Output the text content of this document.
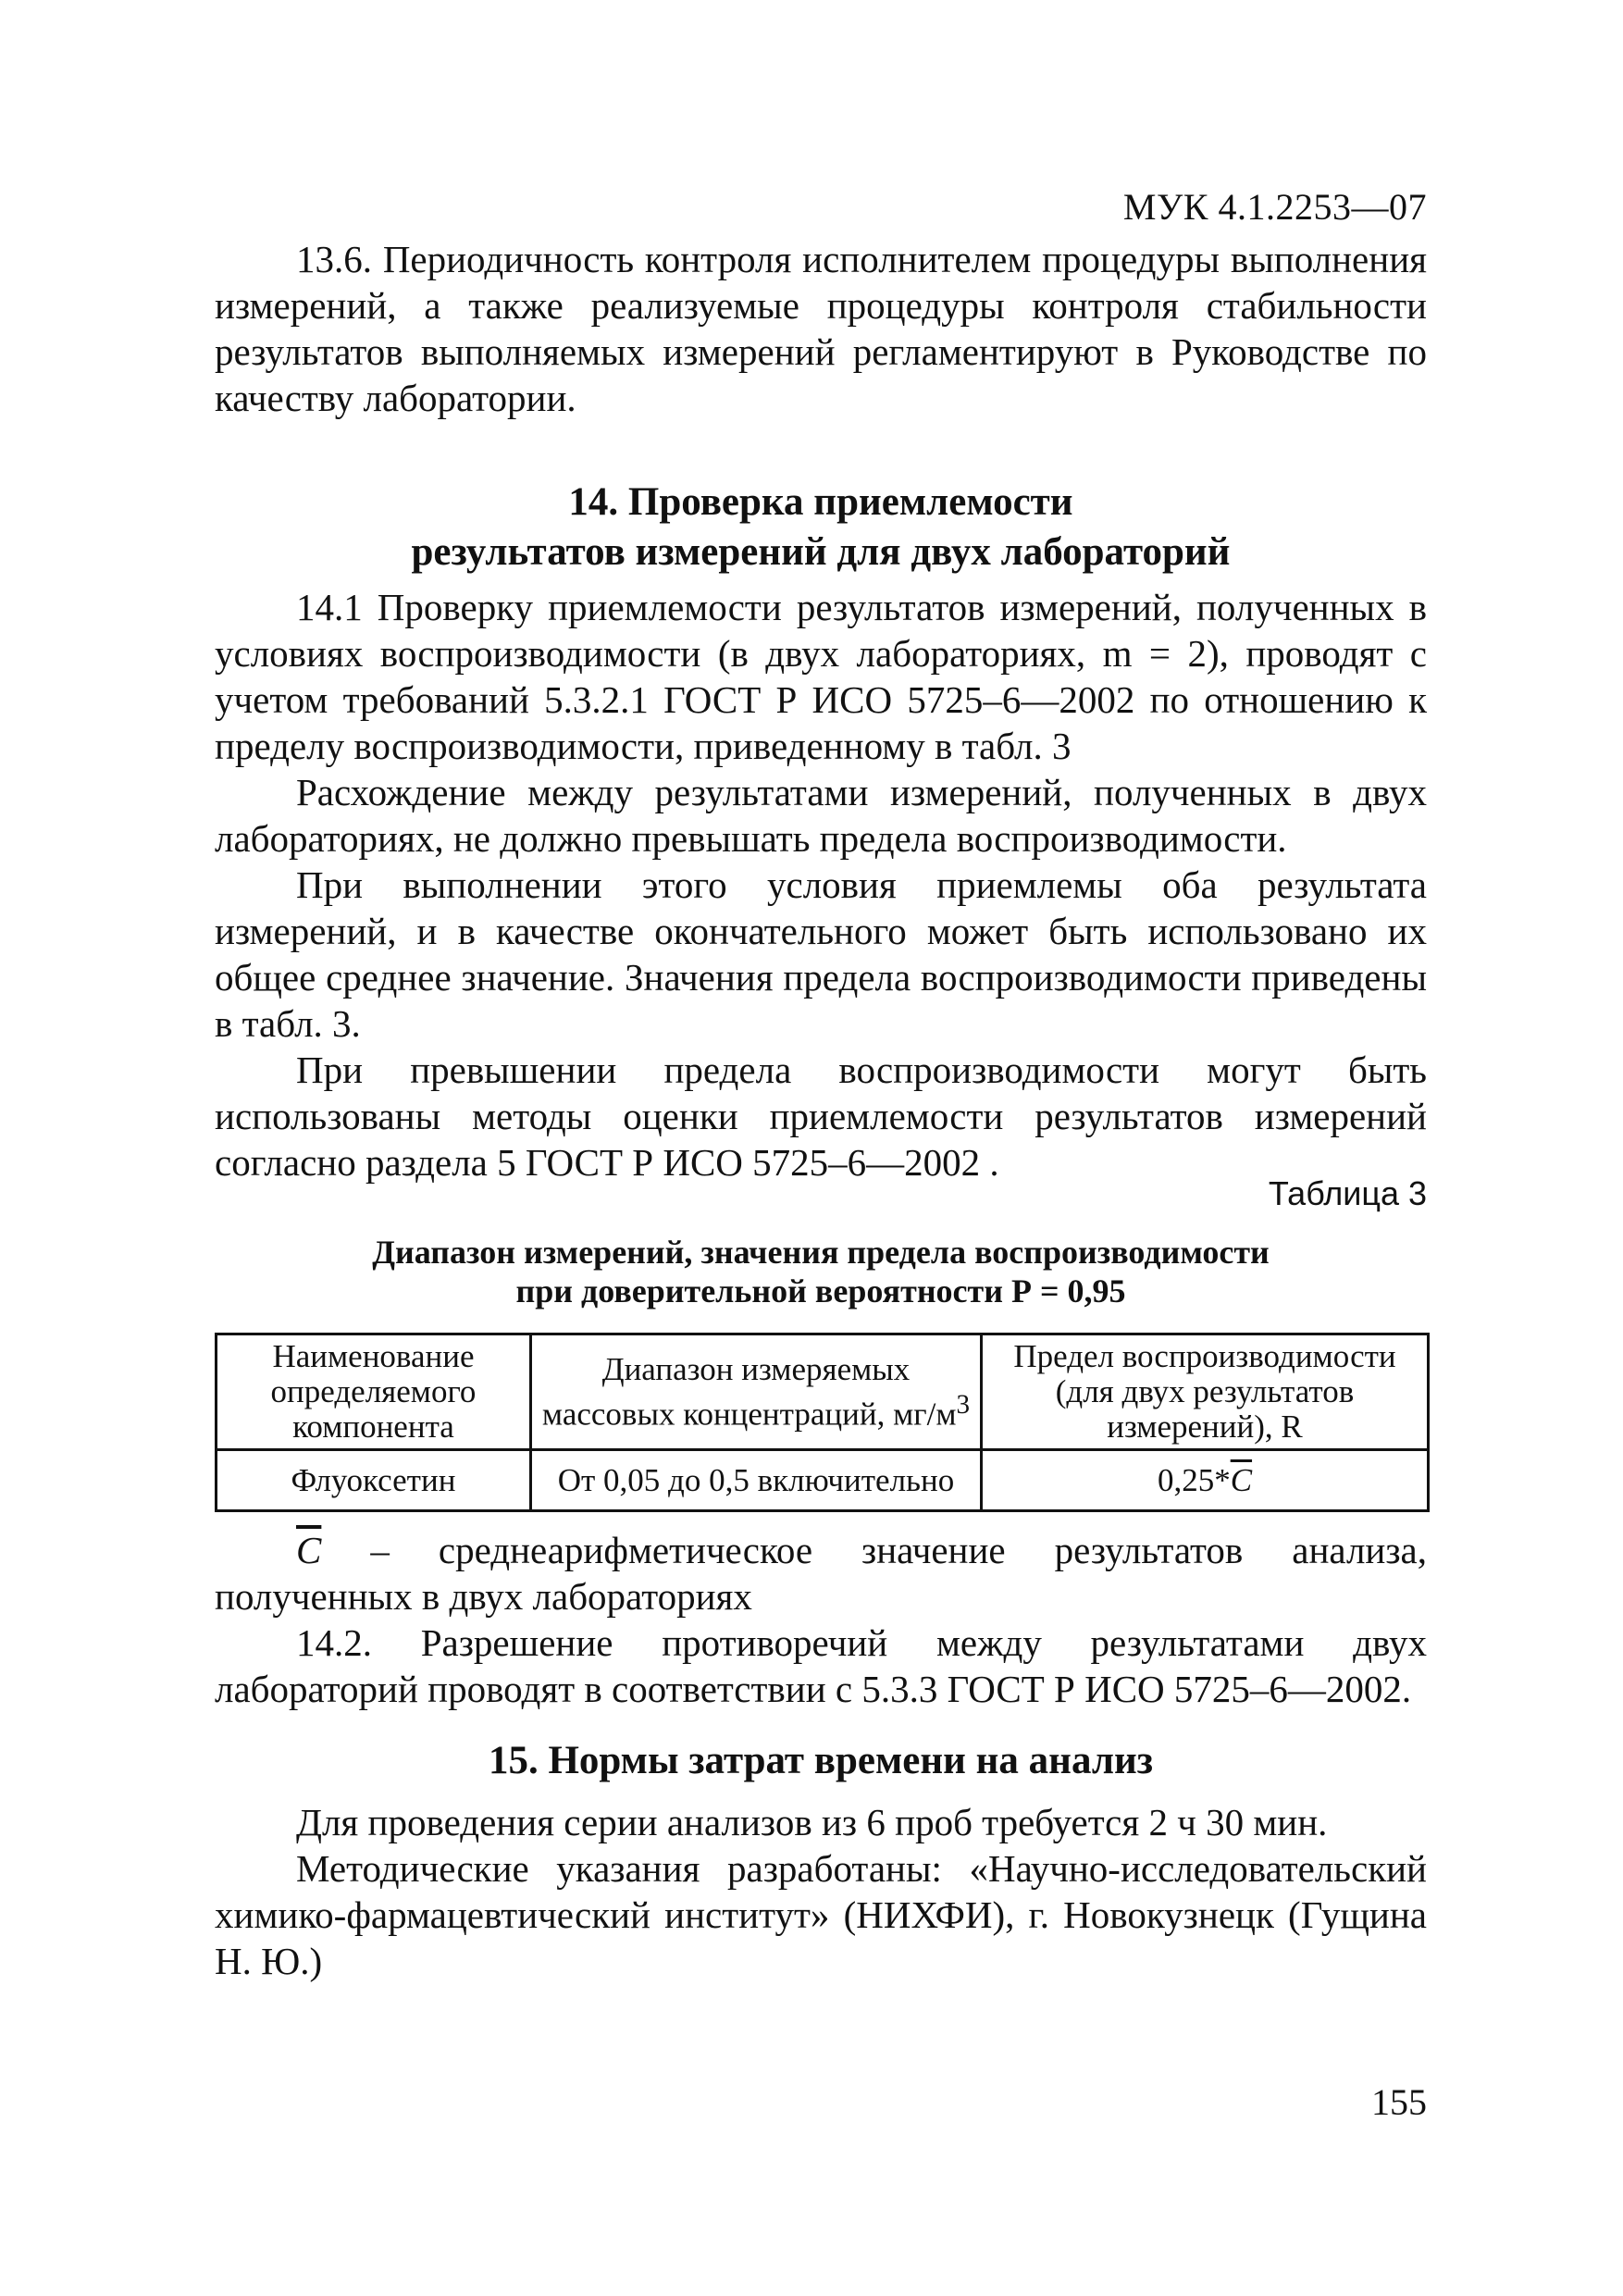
МУК 4.1.2253—07

13.6. Периодичность контроля исполнителем процедуры выполнения измерений, а также реализуемые процедуры контроля стабильности результатов выполняемых измерений регламентируют в Руководстве по качеству лаборатории.

14. Проверка приемлемости
результатов измерений для двух лабораторий

14.1 Проверку приемлемости результатов измерений, полученных в условиях воспроизводимости (в двух лабораториях, m = 2), проводят с учетом требований 5.3.2.1 ГОСТ Р ИСО 5725–6—2002 по отношению к пределу воспроизводимости, приведенному в табл. 3

Расхождение между результатами измерений, полученных в двух лабораториях, не должно превышать предела воспроизводимости.

При выполнении этого условия приемлемы оба результата измерений, и в качестве окончательного может быть использовано их общее среднее значение. Значения предела воспроизводимости приведены в табл. 3.

При превышении предела воспроизводимости могут быть использованы методы оценки приемлемости результатов измерений согласно раздела 5 ГОСТ Р ИСО 5725–6—2002 .

Таблица 3
Диапазон измерений, значения предела воспроизводимости
при доверительной вероятности Р = 0,95
Наименование определяемого компонента	Диапазон измеряемых массовых концентраций, $мг/м^3$	Предел воспроизводимости (для двух результатов измерений), R
Флуоксетин	От 0,05 до 0,5 включительно	$0,25*\overline{C}$

$\overline{C}$ – среднеарифметическое значение результатов анализа, полученных в двух лабораториях

14.2. Разрешение противоречий между результатами двух лабораторий проводят в соответствии с 5.3.3 ГОСТ Р ИСО 5725–6—2002.

15. Нормы затрат времени на анализ

Для проведения серии анализов из 6 проб требуется 2 ч 30 мин.

Методические указания разработаны: «Научно-исследовательский химико-фармацевтический институт» (НИХФИ), г. Новокузнецк (Гущина Н. Ю.)

155
